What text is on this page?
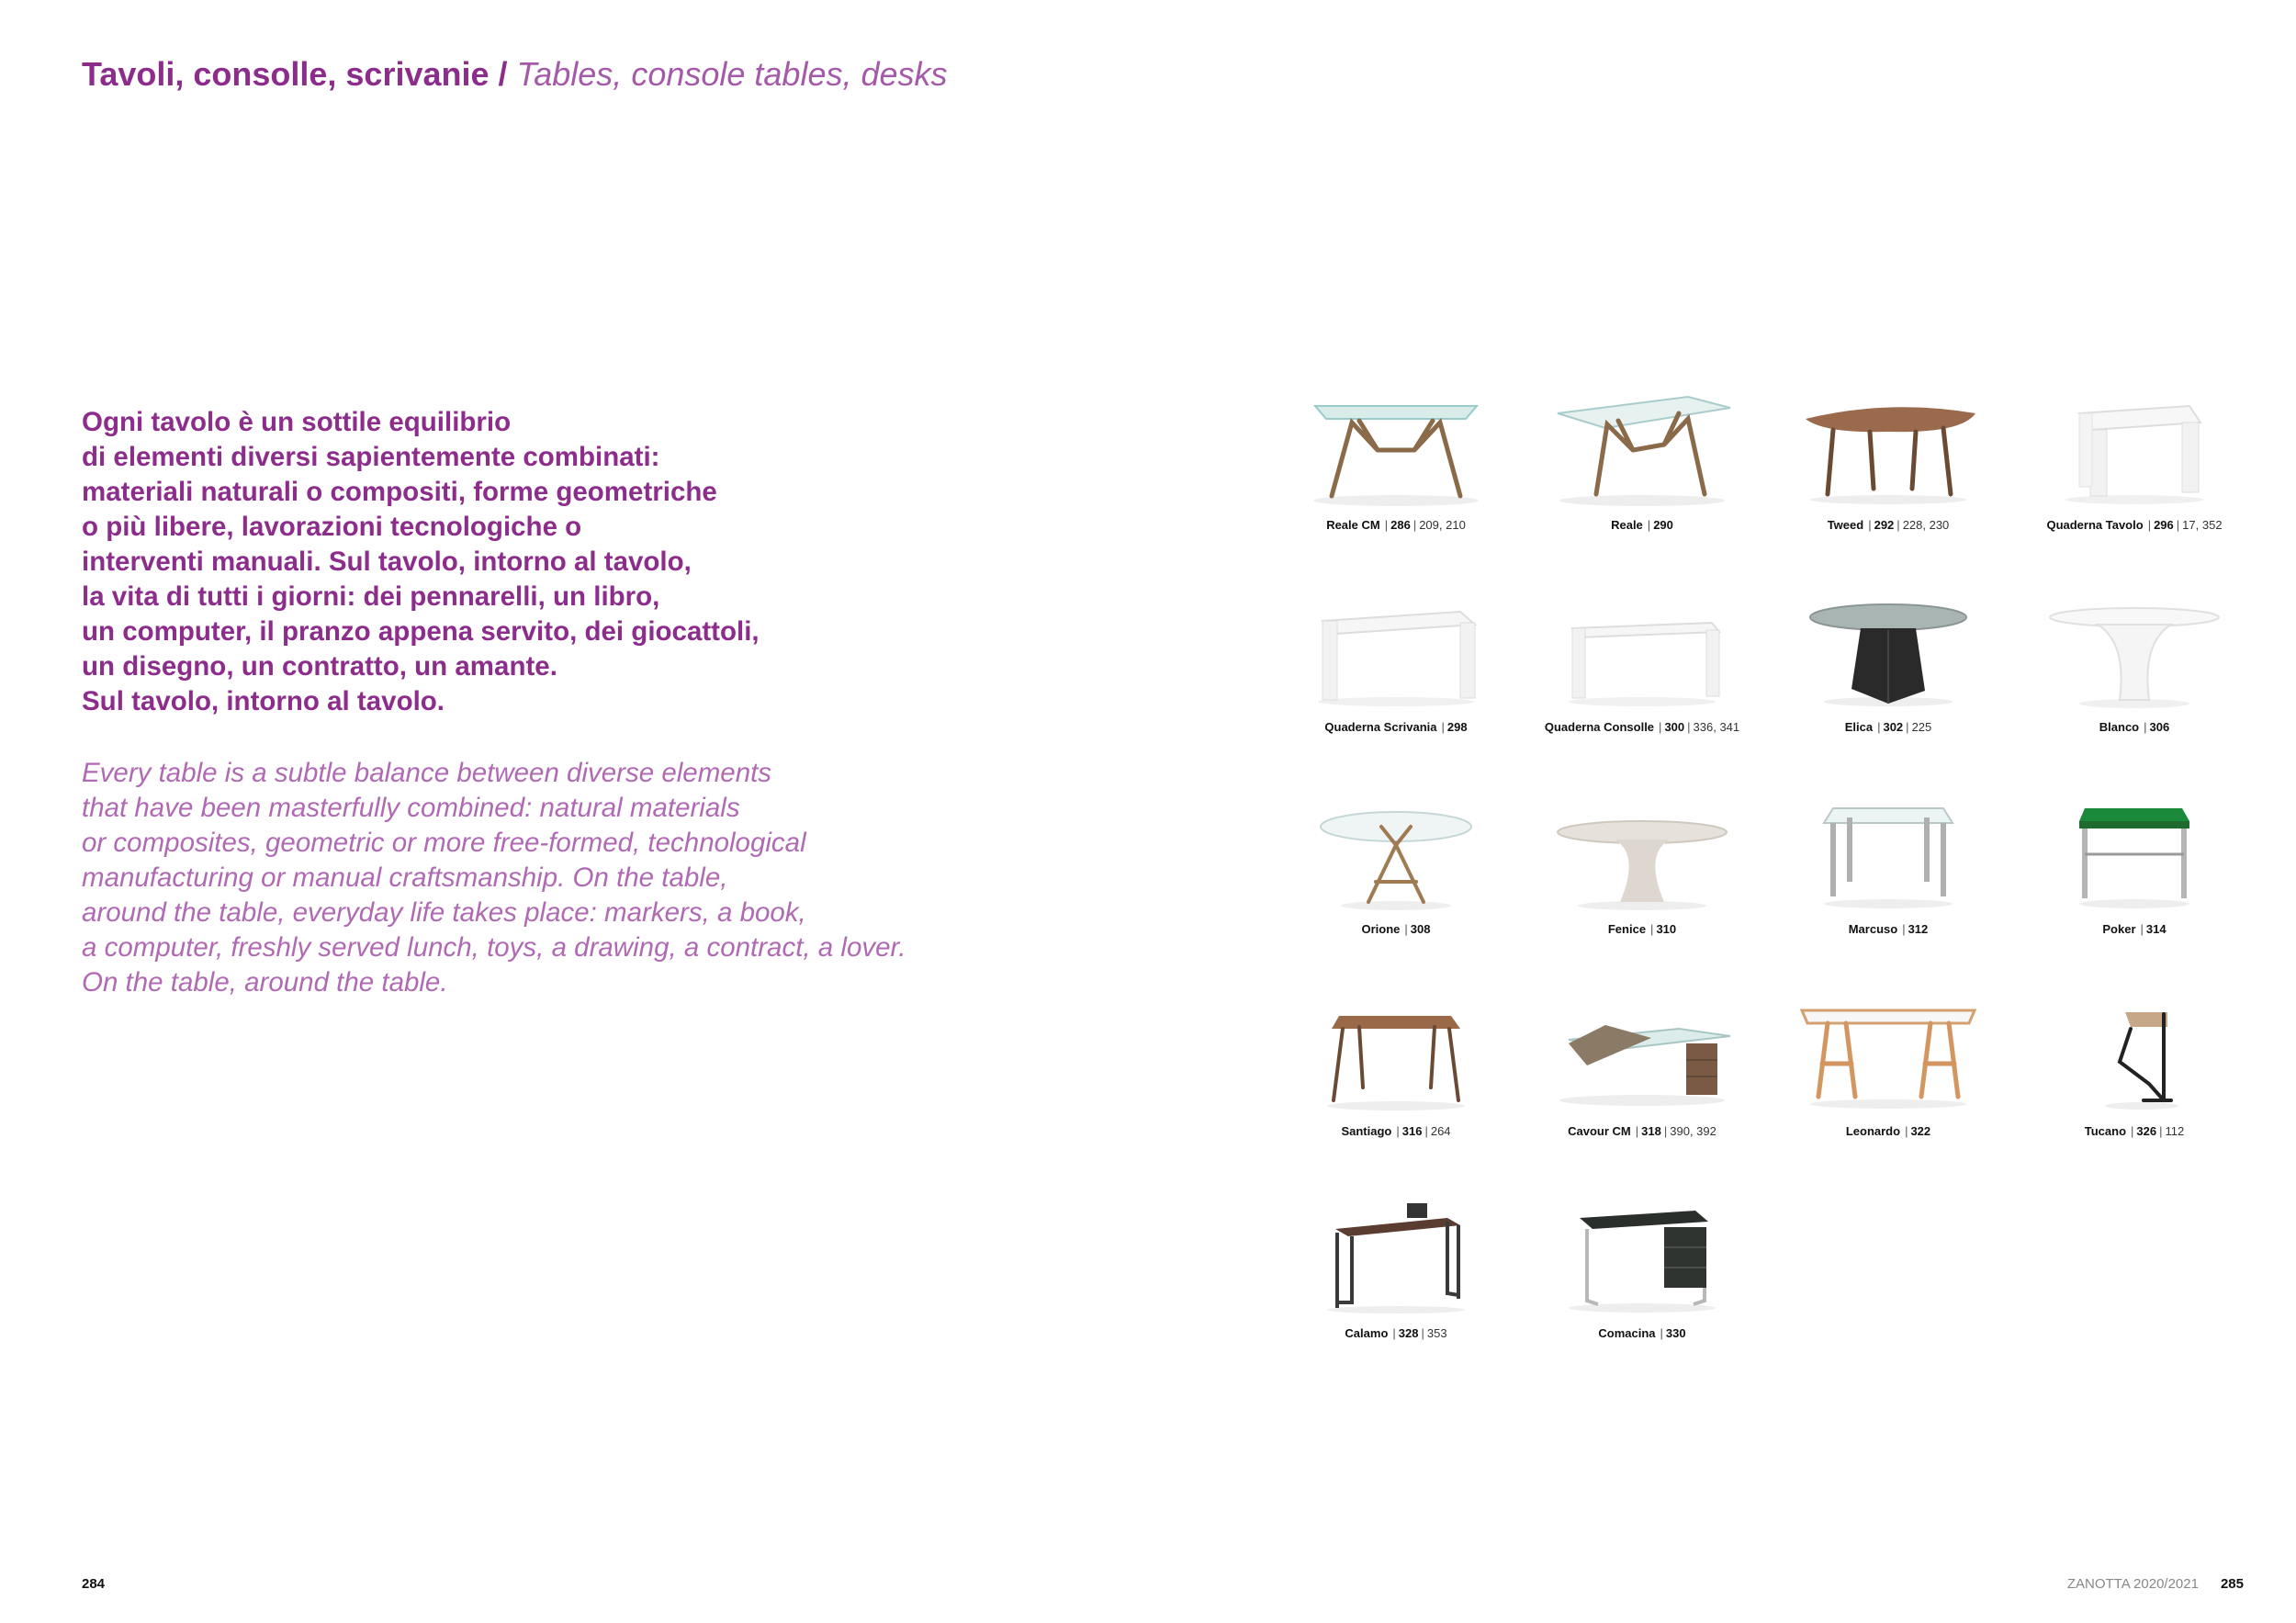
Tavoli, consolle, scrivanie / Tables, console tables, desks
Ogni tavolo è un sottile equilibrio
di elementi diversi sapientemente combinati:
materiali naturali o compositi, forme geometriche
o più libere, lavorazioni tecnologiche o
interventi manuali. Sul tavolo, intorno al tavolo,
la vita di tutti i giorni: dei pennarelli, un libro,
un computer, il pranzo appena servito, dei giocattoli,
un disegno, un contratto, un amante.
Sul tavolo, intorno al tavolo.
Every table is a subtle balance between diverse elements
that have been masterfully combined: natural materials
or composites, geometric or more free-formed, technological
manufacturing or manual craftsmanship. On the table,
around the table, everyday life takes place: markers, a book,
a computer, freshly served lunch, toys, a drawing, a contract, a lover.
On the table, around the table.
Reale CM | 286 | 209, 210	Reale | 290	Tweed | 292 | 228, 230	Quaderna Tavolo | 296 | 17, 352
Quaderna Scrivania | 298	Quaderna Consolle | 300 | 336, 341	Elica | 302 | 225	Blanco | 306
Orione | 308	Fenice | 310	Marcuso | 312	Poker | 314
Santiago | 316 | 264	Cavour CM | 318 | 390, 392	Leonardo | 322	Tucano | 326 | 112
Calamo | 328 | 353	Comacina | 330
284	ZANOTTA 2020/2021 285
